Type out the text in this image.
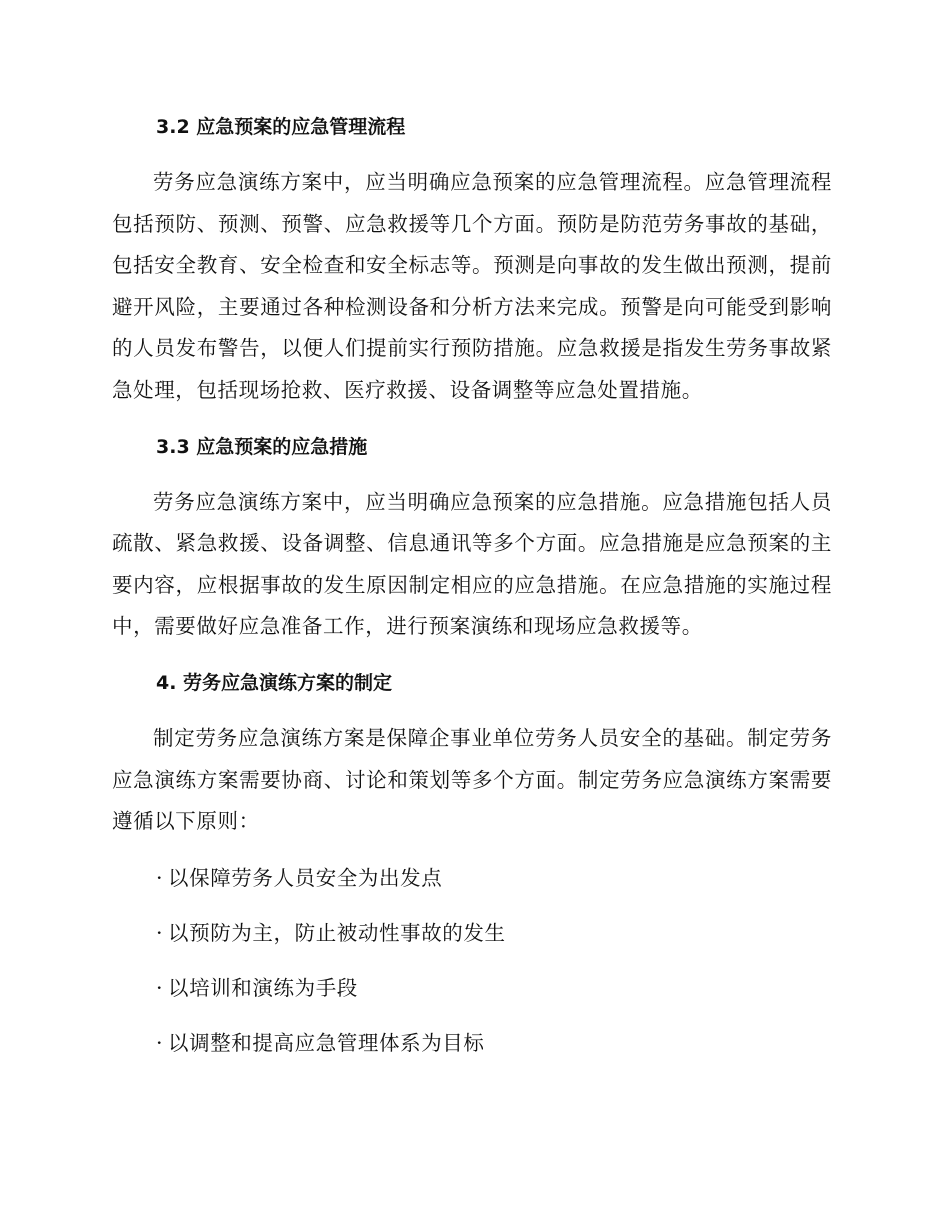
3.2 应急预案的应急管理流程

劳务应急演练方案中，应当明确应急预案的应急管理流程。应急管理流程包括预防、预测、预警、应急救援等几个方面。预防是防范劳务事故的基础，包括安全教育、安全检查和安全标志等。预测是向事故的发生做出预测，提前避开风险，主要通过各种检测设备和分析方法来完成。预警是向可能受到影响的人员发布警告，以便人们提前实行预防措施。应急救援是指发生劳务事故紧急处理，包括现场抢救、医疗救援、设备调整等应急处置措施。

3.3 应急预案的应急措施

劳务应急演练方案中，应当明确应急预案的应急措施。应急措施包括人员疏散、紧急救援、设备调整、信息通讯等多个方面。应急措施是应急预案的主要内容，应根据事故的发生原因制定相应的应急措施。在应急措施的实施过程中，需要做好应急准备工作，进行预案演练和现场应急救援等。

4. 劳务应急演练方案的制定

制定劳务应急演练方案是保障企事业单位劳务人员安全的基础。制定劳务应急演练方案需要协商、讨论和策划等多个方面。制定劳务应急演练方案需要遵循以下原则：

· 以保障劳务人员安全为出发点
· 以预防为主，防止被动性事故的发生
· 以培训和演练为手段
· 以调整和提高应急管理体系为目标
